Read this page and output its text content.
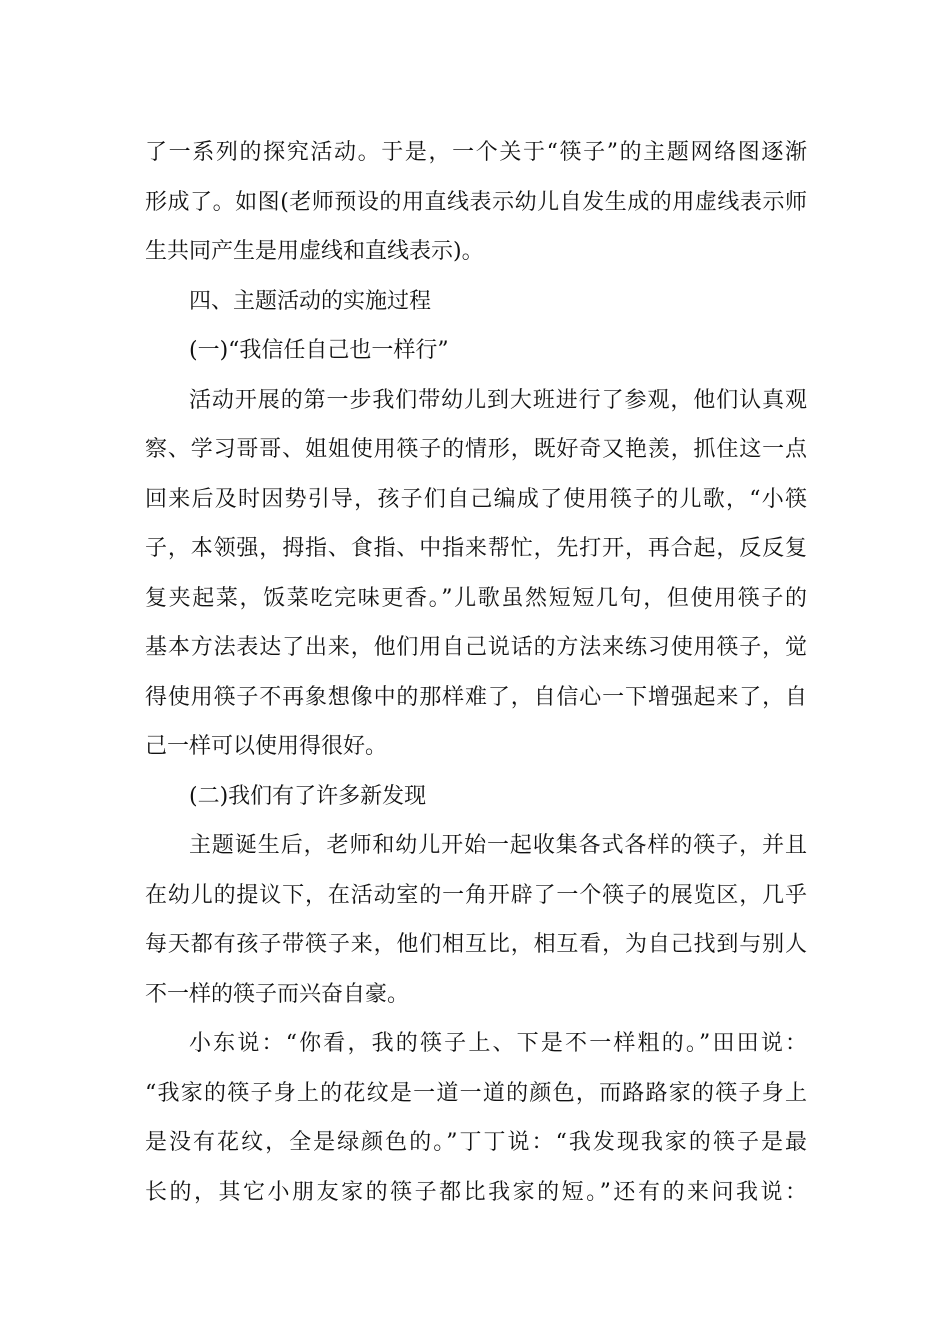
了一系列的探究活动。于是，一个关于“筷子”的主题网络图逐渐
形成了。如图(老师预设的用直线表示幼儿自发生成的用虚线表示师
生共同产生是用虚线和直线表示)。
四、主题活动的实施过程
(一)“我信任自己也一样行”
活动开展的第一步我们带幼儿到大班进行了参观，他们认真观
察、学习哥哥、姐姐使用筷子的情形，既好奇又艳羡，抓住这一点
回来后及时因势引导，孩子们自己编成了使用筷子的儿歌，“小筷
子，本领强，拇指、食指、中指来帮忙，先打开，再合起，反反复
复夹起菜，饭菜吃完味更香。”儿歌虽然短短几句，但使用筷子的
基本方法表达了出来，他们用自己说话的方法来练习使用筷子，觉
得使用筷子不再象想像中的那样难了，自信心一下增强起来了，自
己一样可以使用得很好。
(二)我们有了许多新发现
主题诞生后，老师和幼儿开始一起收集各式各样的筷子，并且
在幼儿的提议下，在活动室的一角开辟了一个筷子的展览区，几乎
每天都有孩子带筷子来，他们相互比，相互看，为自己找到与别人
不一样的筷子而兴奋自豪。
小东说：“你看，我的筷子上、下是不一样粗的。”田田说：
“我家的筷子身上的花纹是一道一道的颜色，而路路家的筷子身上
是没有花纹，全是绿颜色的。”丁丁说：“我发现我家的筷子是最
长的，其它小朋友家的筷子都比我家的短。”还有的来问我说：
